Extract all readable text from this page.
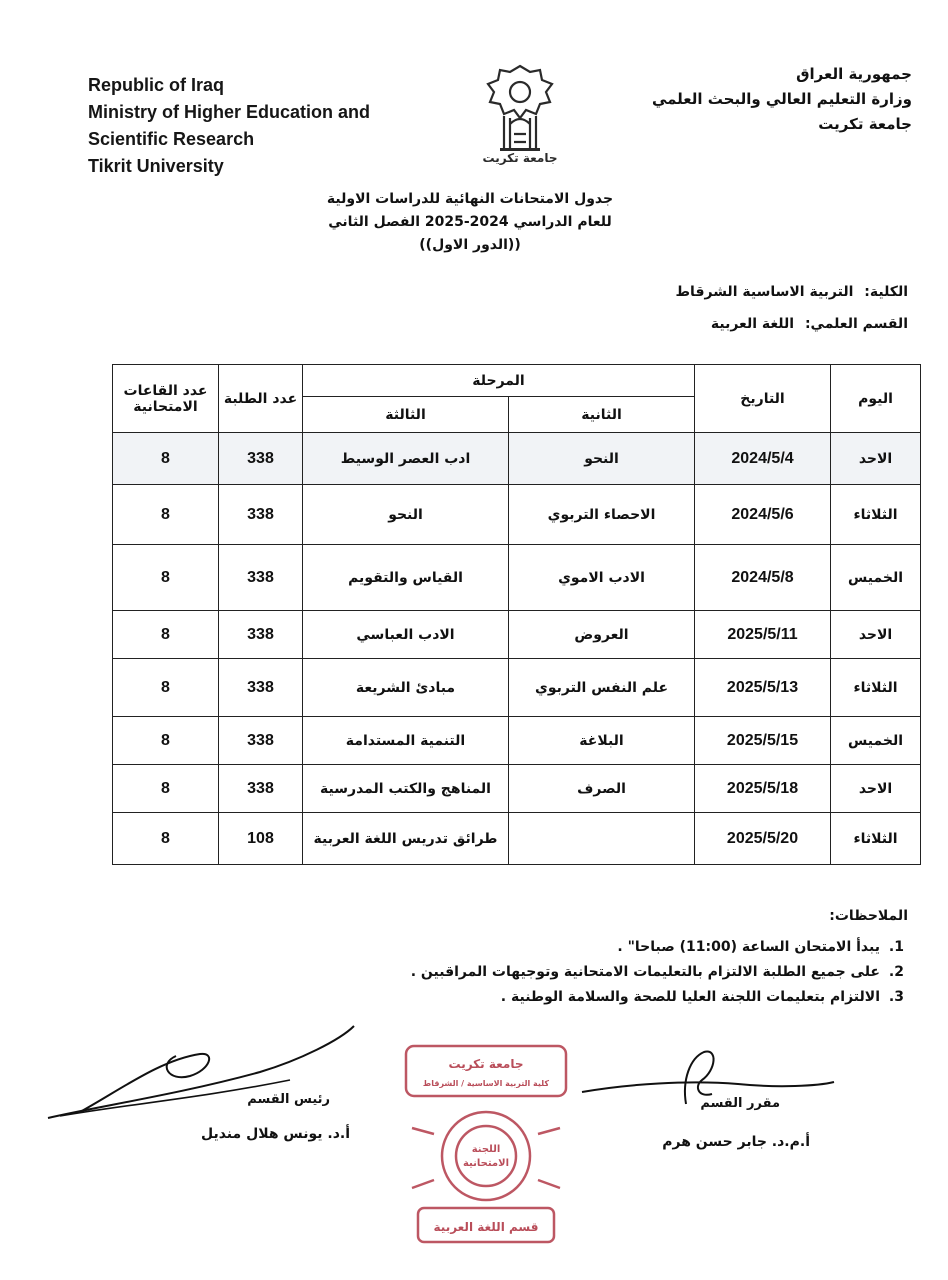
Republic of Iraq
Ministry of Higher Education and
Scientific Research
Tikrit University	جامعة تكريت
جمهورية العراق
وزارة التعليم العالي والبحث العلمي
جامعة تكريت
جدول الامتحانات النهائية للدراسات الاولية
للعام الدراسي 2024-2025 الفصل الثاني
((الدور الاول))
الكلية: التربية الاساسية الشرقاط
القسم العلمي: اللغة العربية
اليوم	التاريخ	المرحلة		عدد الطلبة	عدد القاعات الامتحانية
		الثانية	الثالثة		
الاحد	2024/5/4	النحو	ادب العصر الوسيط	338	8
الثلاثاء	2024/5/6	الاحصاء التربوي	النحو	338	8
الخميس	2024/5/8	الادب الاموي	القياس والتقويم	338	8
الاحد	2025/5/11	العروض	الادب العباسي	338	8
الثلاثاء	2025/5/13	علم النفس التربوي	مبادئ الشريعة	338	8
الخميس	2025/5/15	البلاغة	التنمية المستدامة	338	8
الاحد	2025/5/18	الصرف	المناهج والكتب المدرسية	338	8
الثلاثاء	2025/5/20		طرائق تدريس اللغة العربية	108	8
الملاحظات:
1. يبدأ الامتحان الساعة (11:00) صباحا" .
2. على جميع الطلبة الالتزام بالتعليمات الامتحانية وتوجيهات المراقبين .
3. الالتزام بتعليمات اللجنة العليا للصحة والسلامة الوطنية .
رئيس القسم
أ.د. يونس هلال منديل
مقرر القسم
أ.م.د. جابر حسن هرم
جامعة تكريت
كلية التربية الاساسية / الشرقاط
اللجنة
الامتحانية
قسم اللغة العربية
